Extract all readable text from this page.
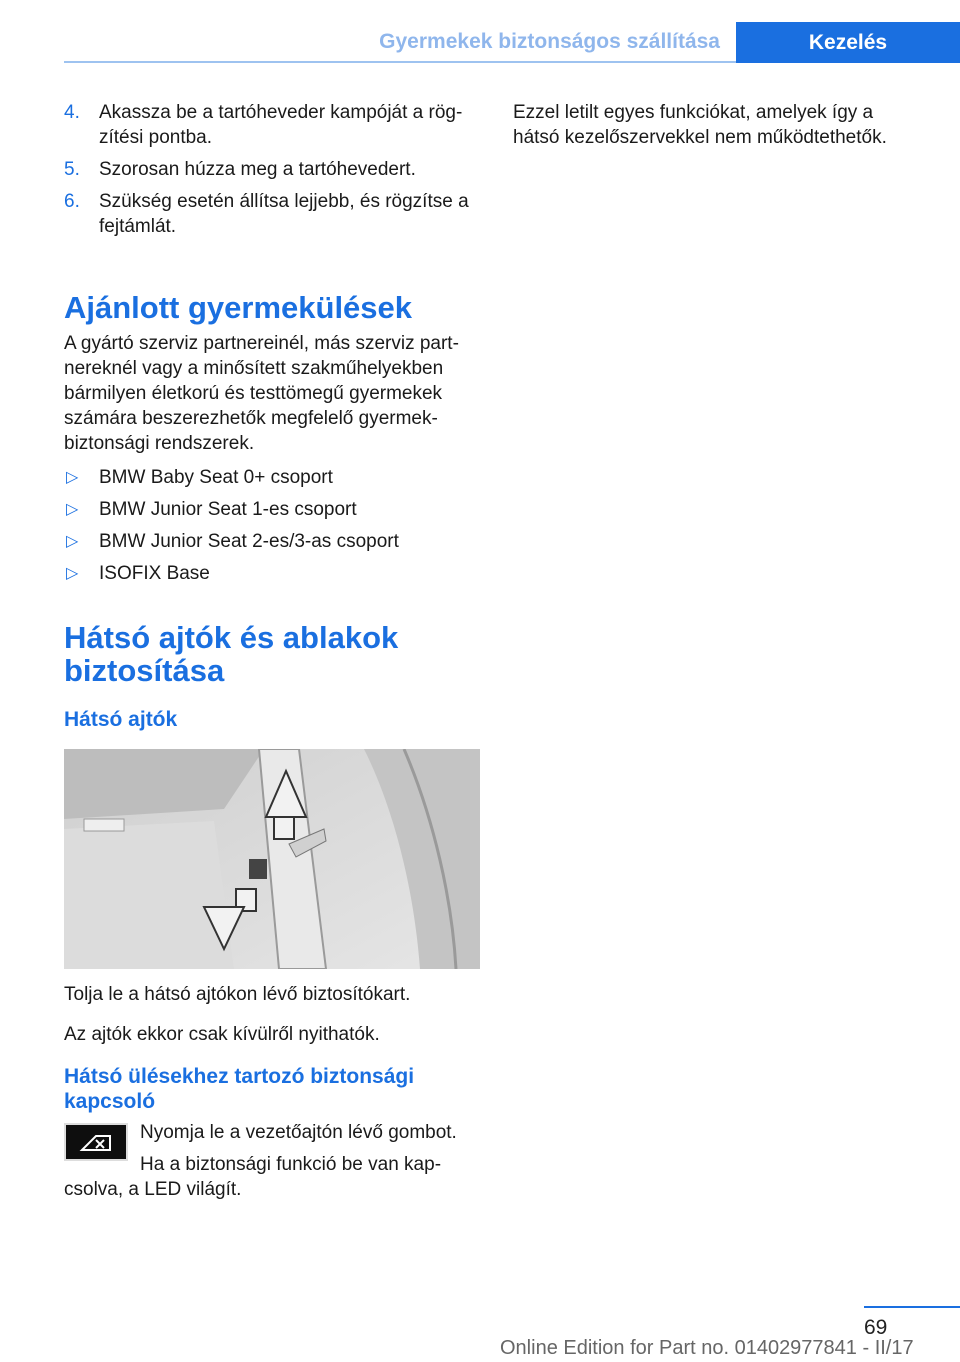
Gyermekek biztonságos szállítása	Kezelés
4. Akassza be a tartóheveder kampóját a rögzítési pontba.
5. Szorosan húzza meg a tartóhevedert.
6. Szükség esetén állítsa lejjebb, és rögzítse a fejtámlát.
Ajánlott gyermekülések

A gyártó szerviz partnereinél, más szerviz partnereknél vagy a minősített szakműhelyekben bármilyen életkorú és testtömegű gyermekek számára beszerezhetők megfelelő gyermekbiztonsági rendszerek.

▷ BMW Baby Seat 0+ csoport
▷ BMW Junior Seat 1-es csoport
▷ BMW Junior Seat 2-es/3-as csoport
▷ ISOFIX Base
Hátsó ajtók és ablakok biztosítása
Hátsó ajtók

Tolja le a hátsó ajtókon lévő biztosítókart.

Az ajtók ekkor csak kívülről nyithatók.

Hátsó ülésekhez tartozó biztonsági kapcsoló

Nyomja le a vezetőajtón lévő gombot.

Ha a biztonsági funkció be van kapcsolva, a LED világít.

Ezzel letilt egyes funkciókat, amelyek így a hátsó kezelőszervekkel nem működtethetők.

69
Online Edition for Part no. 01402977841 - II/17
